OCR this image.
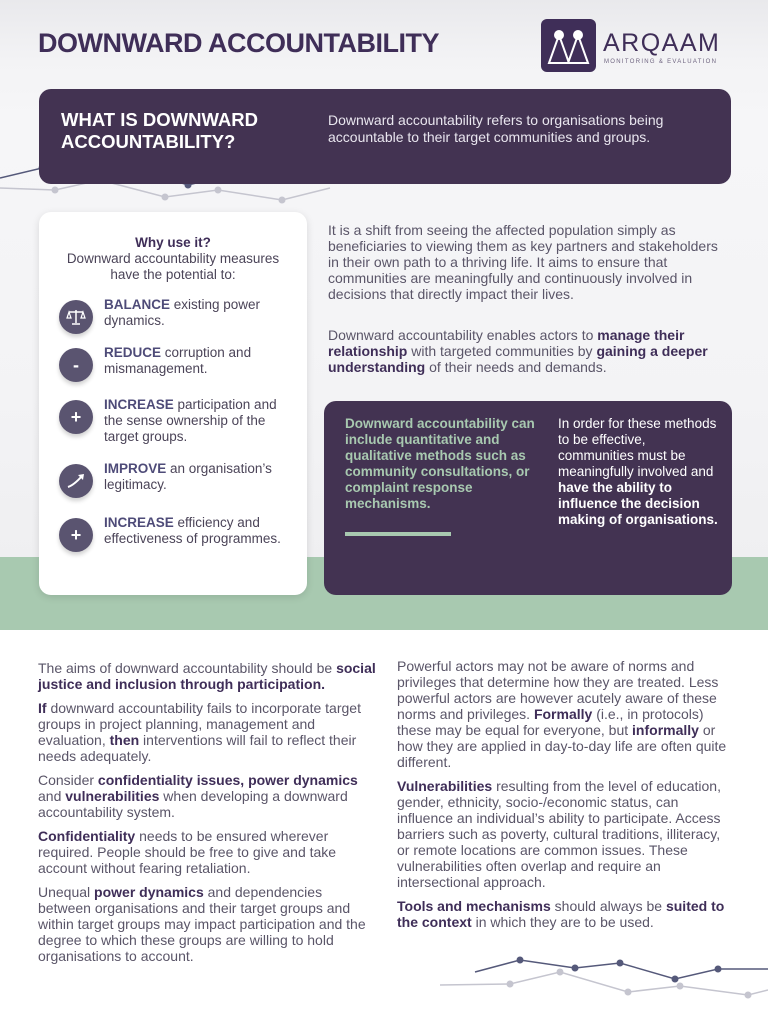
DOWNWARD ACCOUNTABILITY	ARQAAM
MONITORING & EVALUATION
WHAT IS DOWNWARD ACCOUNTABILITY?
Downward accountability refers to organisations being accountable to their target communities and groups.
Why use it?
Downward accountability measures have the potential to:
BALANCE existing power dynamics.
-
REDUCE corruption and mismanagement.
+
INCREASE participation and the sense ownership of the target groups.
IMPROVE an organisation’s legitimacy.
+
INCREASE efficiency and effectiveness of programmes.
It is a shift from seeing the affected population simply as beneficiaries to viewing them as key partners and stakeholders in their own path to a thriving life. It aims to ensure that communities are meaningfully and continuously involved in decisions that directly impact their lives.
Downward accountability enables actors to manage their relationship with targeted communities by gaining a deeper understanding of their needs and demands.
Downward accountability can include quantitative and qualitative methods such as community consultations, or complaint response mechanisms.
In order for these methods to be effective, communities must be meaningfully involved and have the ability to influence the decision making of organisations.

The aims of downward accountability should be social justice and inclusion through participation.

If downward accountability fails to incorporate target groups in project planning, management and evaluation, then interventions will fail to reflect their needs adequately.

Consider confidentiality issues, power dynamics and vulnerabilities when developing a downward accountability system.

Confidentiality needs to be ensured wherever required. People should be free to give and take account without fearing retaliation.

Unequal power dynamics and dependencies between organisations and their target groups and within target groups may impact participation and the degree to which these groups are willing to hold organisations to account.

Powerful actors may not be aware of norms and privileges that determine how they are treated. Less powerful actors are however acutely aware of these norms and privileges. Formally (i.e., in protocols) these may be equal for everyone, but informally or how they are applied in day-to-day life are often quite different.

Vulnerabilities resulting from the level of education, gender, ethnicity, socio-/economic status, can influence an individual’s ability to participate. Access barriers such as poverty, cultural traditions, illiteracy, or remote locations are common issues. These vulnerabilities often overlap and require an intersectional approach.

Tools and mechanisms should always be suited to the context in which they are to be used.
